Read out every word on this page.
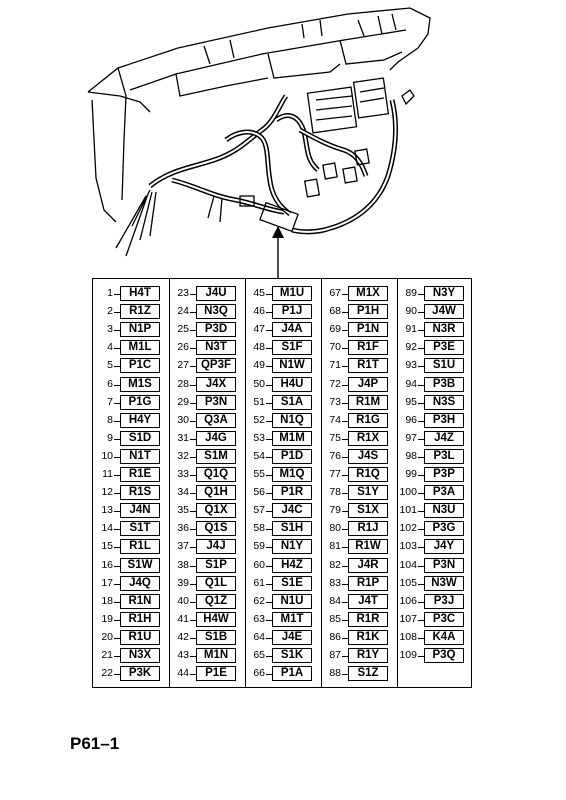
1	H4T
2	R1Z
3	N1P
4	M1L
5	P1C
6	M1S
7	P1G
8	H4Y
9	S1D
10	N1T
11	R1E
12	R1S
13	J4N
14	S1T
15	R1L
16	S1W
17	J4Q
18	R1N
19	R1H
20	R1U
21	N3X
22	P3K
23	J4U
24	N3Q
25	P3D
26	N3T
27	QP3F
28	J4X
29	P3N
30	Q3A
31	J4G
32	S1M
33	Q1Q
34	Q1H
35	Q1X
36	Q1S
37	J4J
38	S1P
39	Q1L
40	Q1Z
41	H4W
42	S1B
43	M1N
44	P1E
45	M1U
46	P1J
47	J4A
48	S1F
49	N1W
50	H4U
51	S1A
52	N1Q
53	M1M
54	P1D
55	M1Q
56	P1R
57	J4C
58	S1H
59	N1Y
60	H4Z
61	S1E
62	N1U
63	M1T
64	J4E
65	S1K
66	P1A
67	M1X
68	P1H
69	P1N
70	R1F
71	R1T
72	J4P
73	R1M
74	R1G
75	R1X
76	J4S
77	R1Q
78	S1Y
79	S1X
80	R1J
81	R1W
82	J4R
83	R1P
84	J4T
85	R1R
86	R1K
87	R1Y
88	S1Z
89	N3Y
90	J4W
91	N3R
92	P3E
93	S1U
94	P3B
95	N3S
96	P3H
97	J4Z
98	P3L
99	P3P
100	P3A
101	N3U
102	P3G
103	J4Y
104	P3N
105	N3W
106	P3J
107	P3C
108	K4A
109	P3Q
P61–1
